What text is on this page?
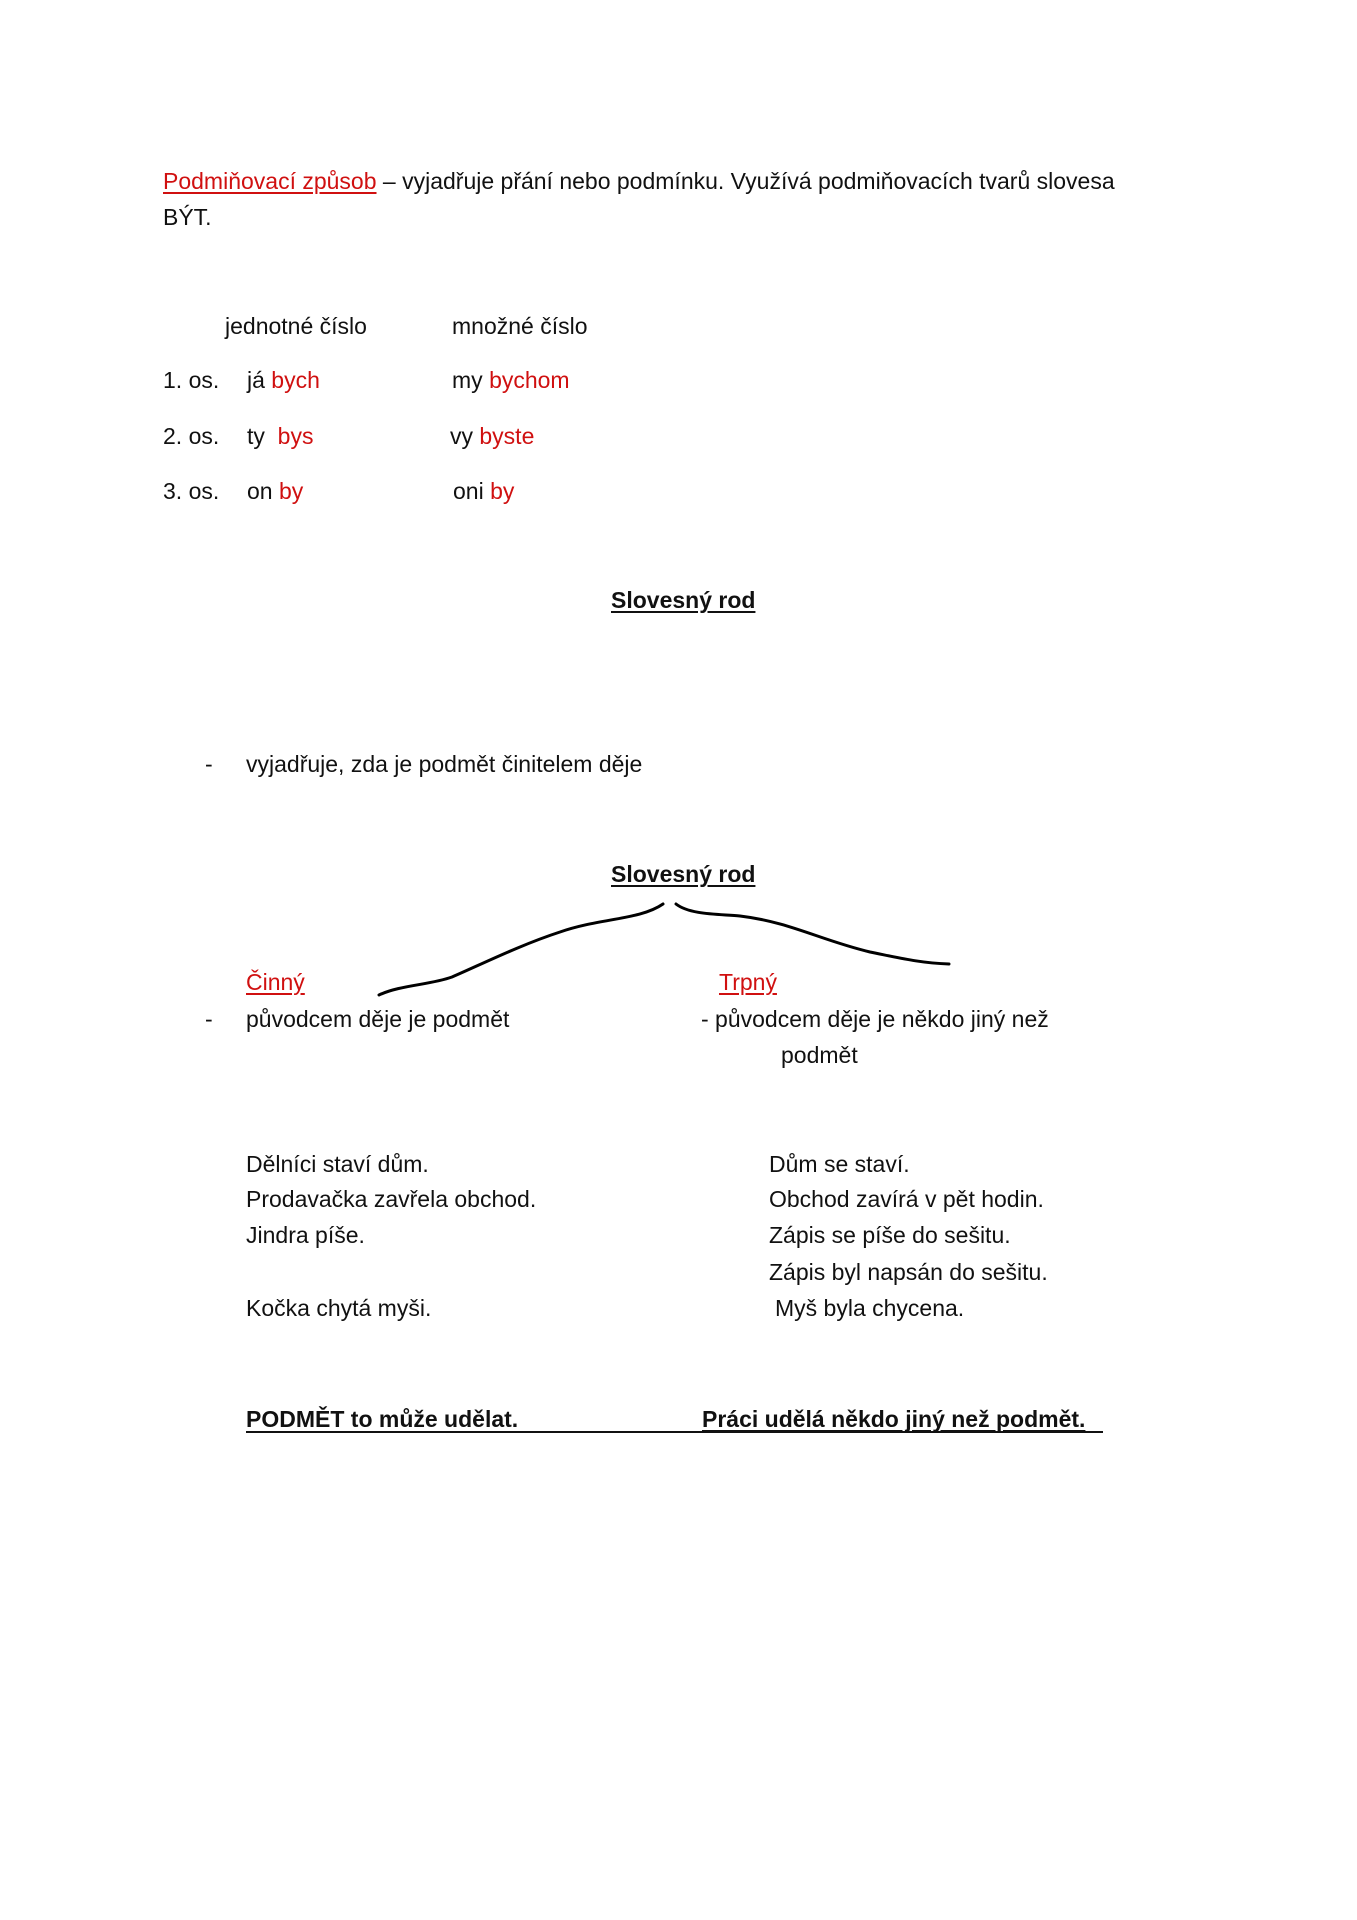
Podmiňovací způsob – vyjadřuje přání nebo podmínku. Využívá podmiňovacích tvarů slovesa
BÝT.
jednotné číslo	množné číslo
1. os. já bych	my bychom
2. os. ty bys	vy byste
3. os. on by	oni by
Slovesný rod
- vyjadřuje, zda je podmět činitelem děje
Slovesný rod
Činný	Trpný
- původcem děje je podmět	- původcem děje je někdo jiný než
podmět
Dělníci staví dům.
Prodavačka zavřela obchod.
Jindra píše.
Kočka chytá myši.
Dům se staví.
Obchod zavírá v pět hodin.
Zápis se píše do sešitu.
Zápis byl napsán do sešitu.
Myš byla chycena.
PODMĚT to může udělat.	Práci udělá někdo jiný než podmět.
